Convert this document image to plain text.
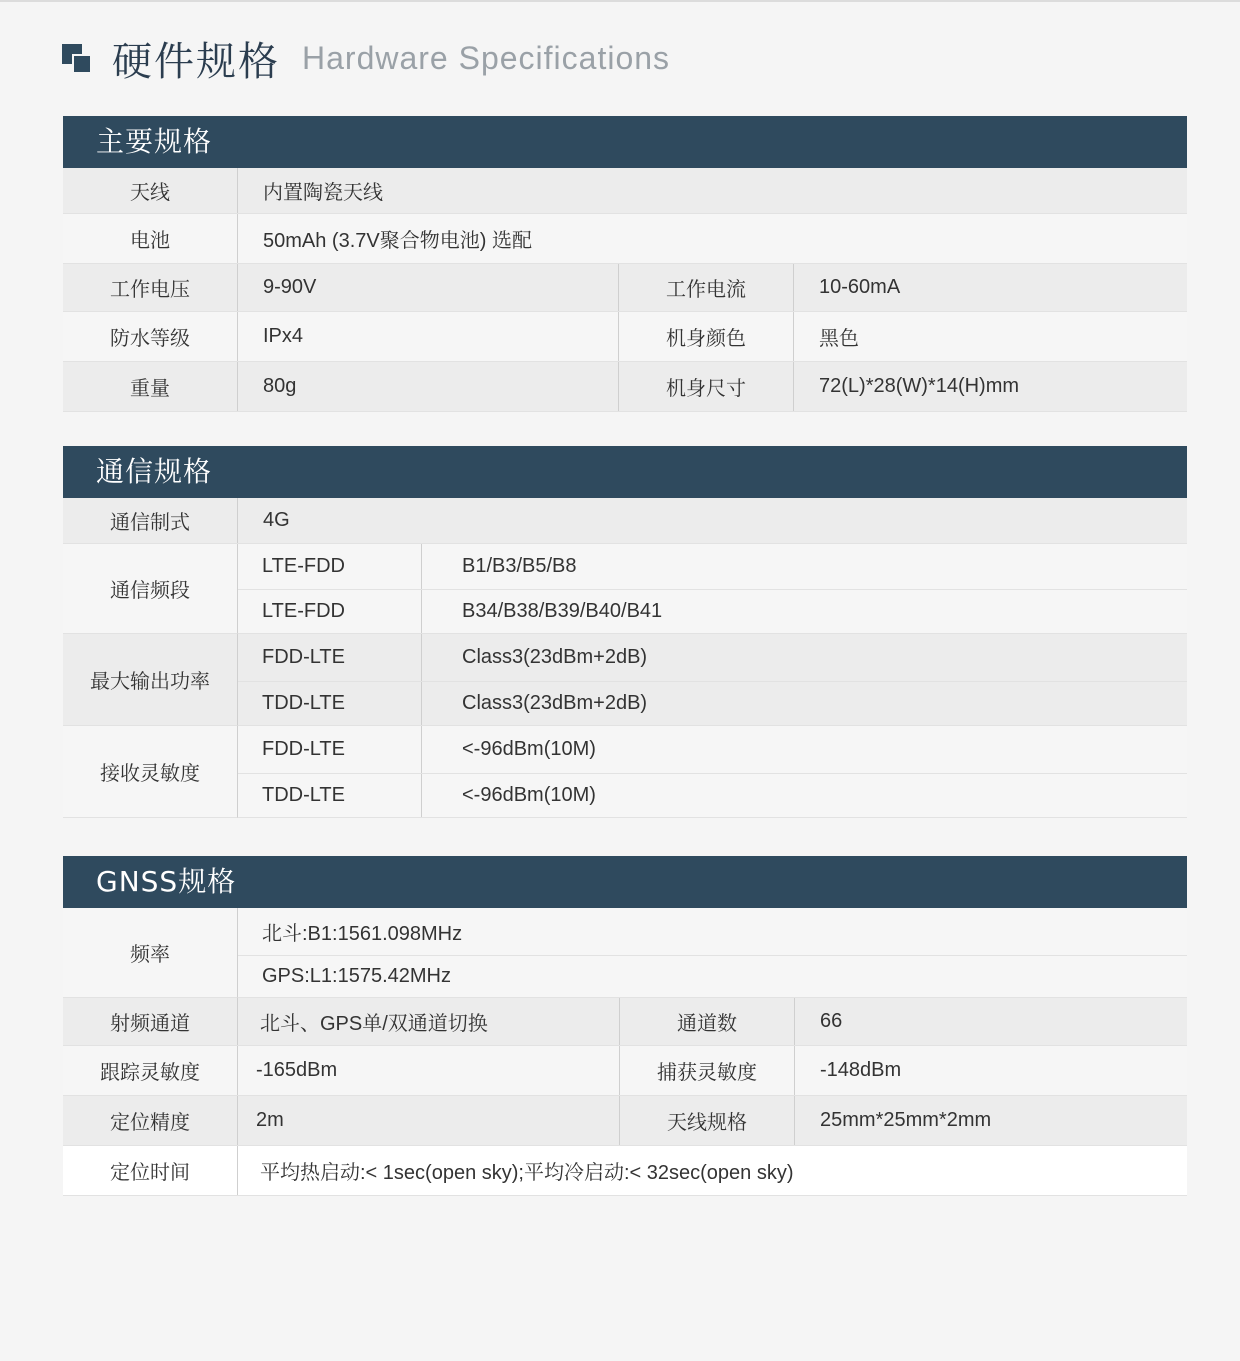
硬件规格 Hardware Specifications
主要规格
天线	内置陶瓷天线
电池	50mAh (3.7V聚合物电池) 选配
工作电压	9-90V	工作电流	10-60mA
防水等级	IPx4	机身颜色	黑色
重量	80g	机身尺寸	72(L)*28(W)*14(H)mm
通信规格
通信制式	4G
通信频段
LTE-FDD	B1/B3/B5/B8
LTE-FDD	B34/B38/B39/B40/B41
最大输出功率
FDD-LTE	Class3(23dBm+2dB)
TDD-LTE	Class3(23dBm+2dB)
接收灵敏度
FDD-LTE	<-96dBm(10M)
TDD-LTE	<-96dBm(10M)
GNSS规格
频率
北斗:B1:1561.098MHz
GPS:L1:1575.42MHz
射频通道	北斗、GPS单/双通道切换	通道数	66
跟踪灵敏度	-165dBm	捕获灵敏度	-148dBm
定位精度	2m	天线规格	25mm*25mm*2mm
定位时间	平均热启动:< 1sec(open sky);平均冷启动:< 32sec(open sky)
